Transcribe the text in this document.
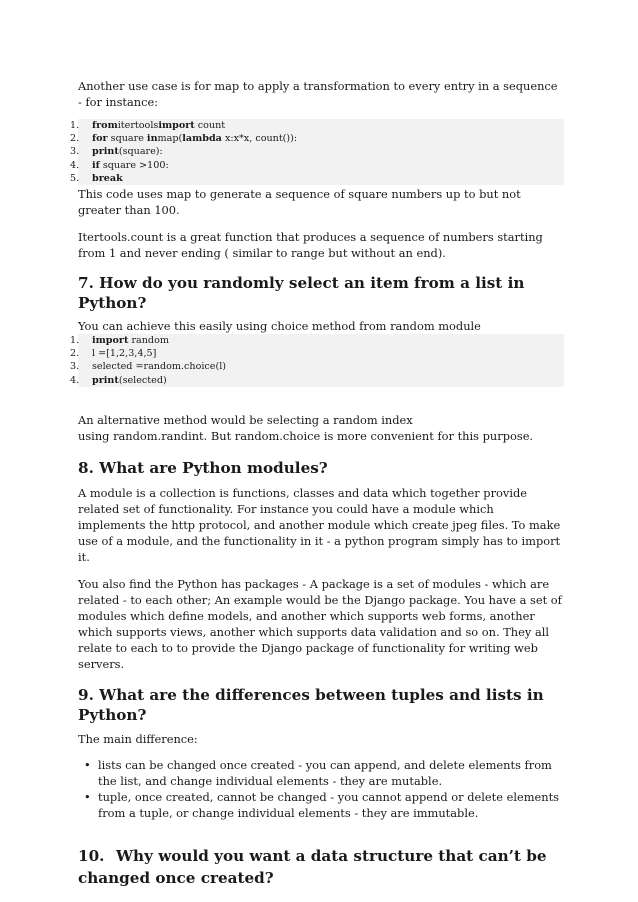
Another use case is for map to apply a transformation to every entry in a sequence - for instance:

1.	fromitertoolsimport count
2.	for square inmap(lambda x:x*x, count()):
3.	print(square):
4.	if square >100:
5.	break

This code uses map to generate a sequence of square numbers up to but not greater than 100.

Itertools.count is a great function that produces a sequence of numbers starting from 1 and never ending ( similar to range but without an end).

7. How do you randomly select an item from a list in Python?

You can achieve this easily using choice method from random module

1.	import random
2.	l =[1,2,3,4,5]
3.	selected =random.choice(l)
4.	print(selected)

An alternative method would be selecting a random index

using random.randint. But random.choice is more convenient for this purpose.

8. What are Python modules?

A module is a collection is functions, classes and data which together provide related set of functionality. For instance you could have a module which implements the http protocol, and another module which create jpeg files. To make use of a module, and the functionality in it - a python program simply has to import it.

You also find the Python has packages - A package is a set of modules - which are related - to each other; An example would be the Django package. You have a set of modules which define models, and another which supports web forms, another which supports views, another which supports data validation and so on. They all relate to each to to provide the Django package of functionality for writing web servers.

9. What are the differences between tuples and lists in Python?

The main difference:

• lists can be changed once created - you can append, and delete elements from the list, and change individual elements - they are mutable.
• tuple, once created, cannot be changed - you cannot append or delete elements from a tuple, or change individual elements - they are immutable.
10. Why would you want a data structure that can’t be changed once created?
